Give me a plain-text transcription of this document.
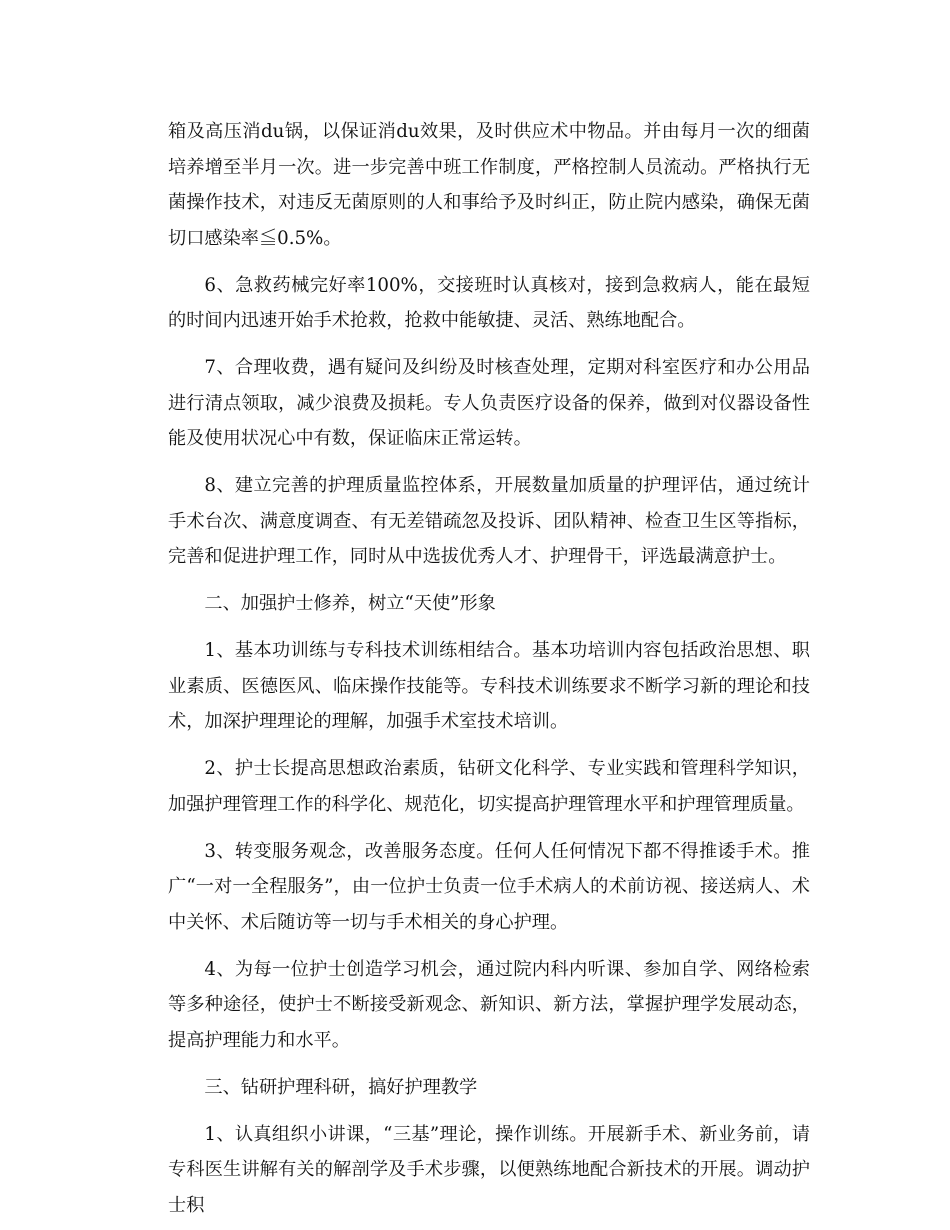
箱及高压消du锅，以保证消du效果，及时供应术中物品。并由每月一次的细菌培养增至半月一次。进一步完善中班工作制度，严格控制人员流动。严格执行无菌操作技术，对违反无菌原则的人和事给予及时纠正，防止院内感染，确保无菌切口感染率≦0.5%。

6、急救药械完好率100%，交接班时认真核对，接到急救病人，能在最短的时间内迅速开始手术抢救，抢救中能敏捷、灵活、熟练地配合。

7、合理收费，遇有疑问及纠纷及时核查处理，定期对科室医疗和办公用品进行清点领取，减少浪费及损耗。专人负责医疗设备的保养，做到对仪器设备性能及使用状况心中有数，保证临床正常运转。

8、建立完善的护理质量监控体系，开展数量加质量的护理评估，通过统计手术台次、满意度调查、有无差错疏忽及投诉、团队精神、检查卫生区等指标，完善和促进护理工作，同时从中选拔优秀人才、护理骨干，评选最满意护士。

二、加强护士修养，树立“天使”形象

1、基本功训练与专科技术训练相结合。基本功培训内容包括政治思想、职业素质、医德医风、临床操作技能等。专科技术训练要求不断学习新的理论和技术，加深护理理论的理解，加强手术室技术培训。

2、护士长提高思想政治素质，钻研文化科学、专业实践和管理科学知识，加强护理管理工作的科学化、规范化，切实提高护理管理水平和护理管理质量。

3、转变服务观念，改善服务态度。任何人任何情况下都不得推诿手术。推广“一对一全程服务”，由一位护士负责一位手术病人的术前访视、接送病人、术中关怀、术后随访等一切与手术相关的身心护理。

4、为每一位护士创造学习机会，通过院内科内听课、参加自学、网络检索等多种途径，使护士不断接受新观念、新知识、新方法，掌握护理学发展动态，提高护理能力和水平。

三、钻研护理科研，搞好护理教学

1、认真组织小讲课，“三基”理论，操作训练。开展新手术、新业务前，请专科医生讲解有关的解剖学及手术步骤，以便熟练地配合新技术的开展。调动护士积
